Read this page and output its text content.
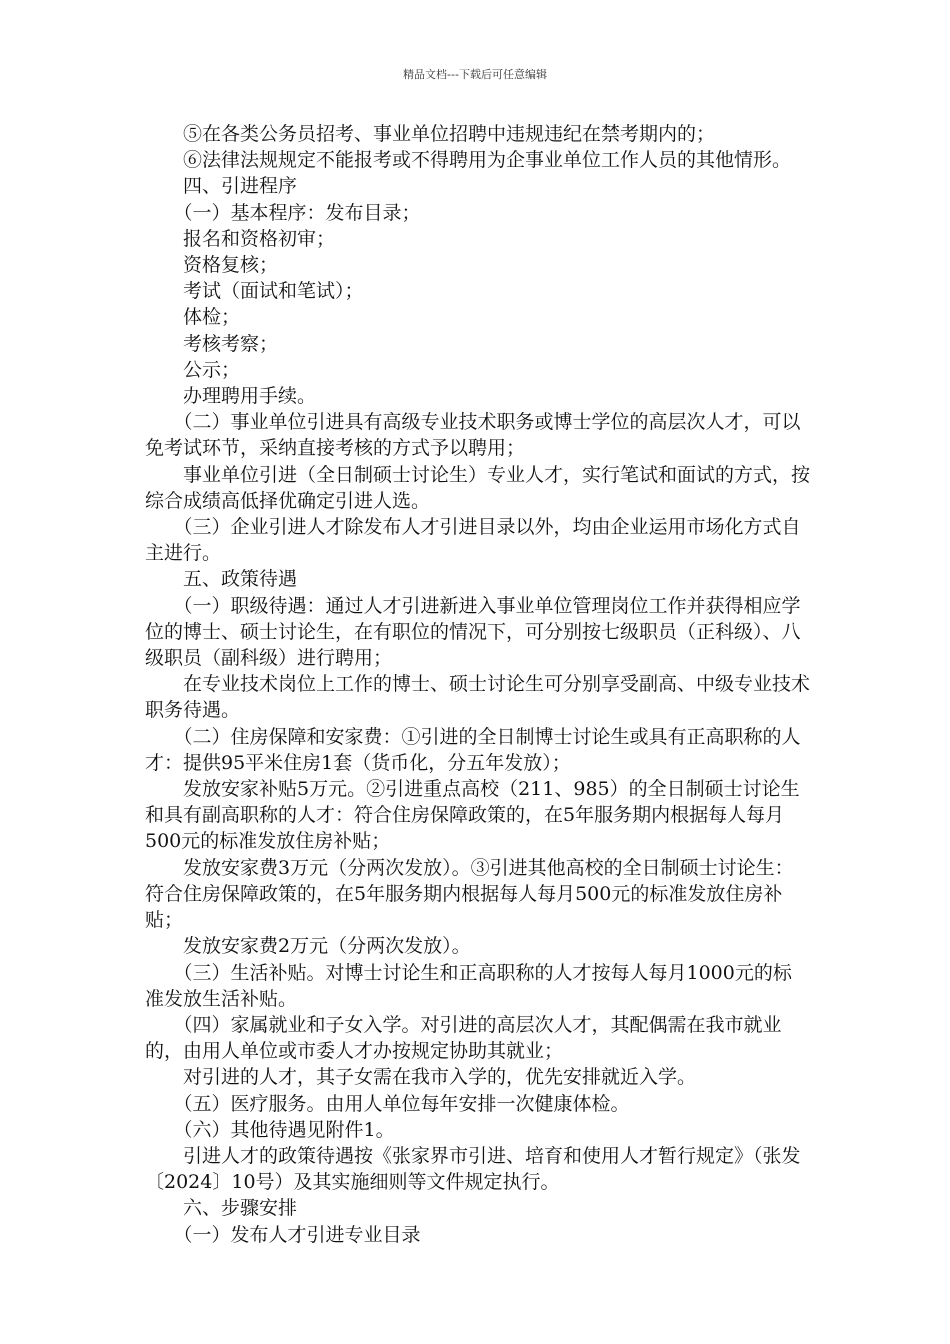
精品文档---下载后可任意编辑

　　⑤在各类公务员招考、事业单位招聘中违规违纪在禁考期内的；

　　⑥法律法规规定不能报考或不得聘用为企事业单位工作人员的其他情形。

　　四、引进程序

　　（一）基本程序：发布目录；

　　报名和资格初审；

　　资格复核；

　　考试（面试和笔试）；

　　体检；

　　考核考察；

　　公示；

　　办理聘用手续。

　　（二）事业单位引进具有高级专业技术职务或博士学位的高层次人才，可以免考试环节，采纳直接考核的方式予以聘用；

　　事业单位引进（全日制硕士讨论生）专业人才，实行笔试和面试的方式，按综合成绩高低择优确定引进人选。

　　（三）企业引进人才除发布人才引进目录以外，均由企业运用市场化方式自主进行。

　　五、政策待遇

　　（一）职级待遇：通过人才引进新进入事业单位管理岗位工作并获得相应学位的博士、硕士讨论生，在有职位的情况下，可分别按七级职员（正科级）、八级职员（副科级）进行聘用；

　　在专业技术岗位上工作的博士、硕士讨论生可分别享受副高、中级专业技术职务待遇。

　　（二）住房保障和安家费：①引进的全日制博士讨论生或具有正高职称的人才：提供95平米住房1套（货币化，分五年发放）；

　　发放安家补贴5万元。②引进重点高校（211、985）的全日制硕士讨论生和具有副高职称的人才：符合住房保障政策的，在5年服务期内根据每人每月500元的标准发放住房补贴；

　　发放安家费3万元（分两次发放）。③引进其他高校的全日制硕士讨论生：符合住房保障政策的，在5年服务期内根据每人每月500元的标准发放住房补贴；

　　发放安家费2万元（分两次发放）。

　　（三）生活补贴。对博士讨论生和正高职称的人才按每人每月1000元的标准发放生活补贴。

　　（四）家属就业和子女入学。对引进的高层次人才，其配偶需在我市就业的，由用人单位或市委人才办按规定协助其就业；

　　对引进的人才，其子女需在我市入学的，优先安排就近入学。

　　（五）医疗服务。由用人单位每年安排一次健康体检。

　　（六）其他待遇见附件1。

　　引进人才的政策待遇按《张家界市引进、培育和使用人才暂行规定》（张发〔2024〕10号）及其实施细则等文件规定执行。

　　六、步骤安排

　　（一）发布人才引进专业目录
